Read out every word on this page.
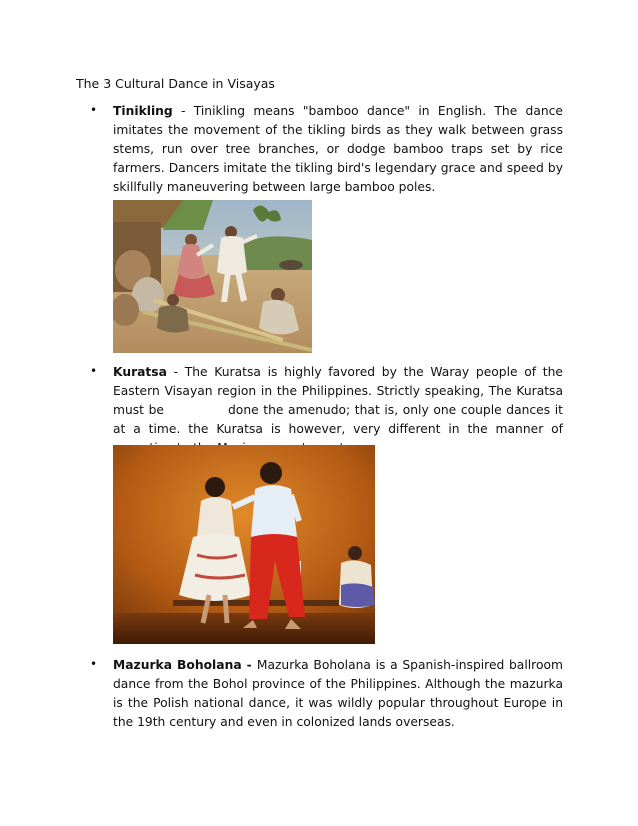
The 3 Cultural Dance in Visayas
• Tinikling - Tinikling means "bamboo dance" in English. The dance imitates the movement of the tikling birds as they walk between grass stems, run over tree branches, or dodge bamboo traps set by rice farmers. Dancers imitate the tikling bird's legendary grace and speed by skillfully maneuvering between large bamboo poles.
• Kuratsa - The Kuratsa is highly favored by the Waray people of the Eastern Visayan region in the Philippines. Strictly speaking, The Kuratsa must be	done the amenudo; that is, only one couple dances it at a time. the Kuratsa is however, very different in the manner of
• Mazurka Boholana - Mazurka Boholana is a Spanish-inspired ballroom dance from the Bohol province of the Philippines. Although the mazurka is the Polish national dance, it was wildly popular throughout Europe in the 19th century and even in colonized lands overseas.
